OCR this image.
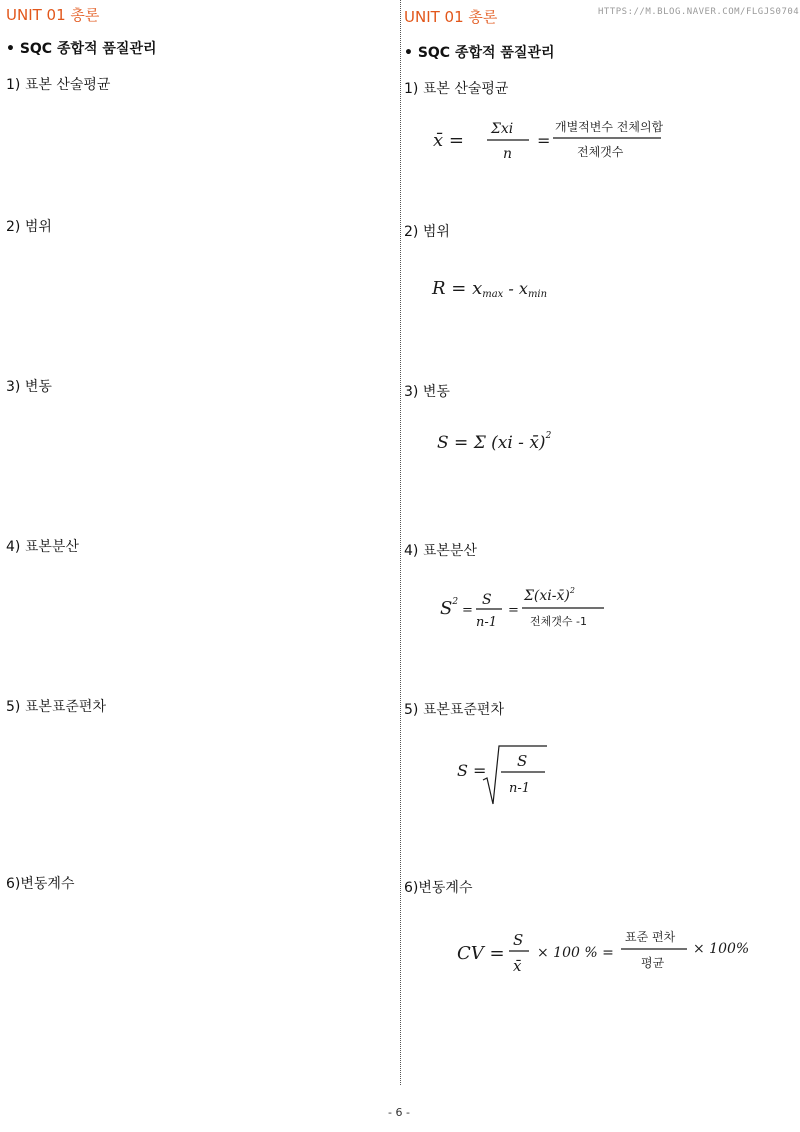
UNIT 01 총론
• SQC 종합적 품질관리
1) 표본 산술평균
2) 범위
3) 변동
4) 표본분산
5) 표본표준편차
6)변동계수
UNIT 01 총론	HTTPS://M.BLOG.NAVER.COM/FLGJS0704
• SQC 종합적 품질관리
1) 표본 산술평균
x̄ =
Σxi
n
=
개별적변수 전체의합
전체갯수
2) 범위
R = xmax - xmin
3) 변동
S = Σ (xi - x̄)$^2$
4) 표본분산
$S^2$
=
S
n-1
=
Σ(xi-x̄)$^2$
전체갯수 -1
5) 표본표준편차
S = S
n-1
6)변동계수
CV =
S
x̄
× 100 % =
표준 편차
평균
× 100%
- 6 -
